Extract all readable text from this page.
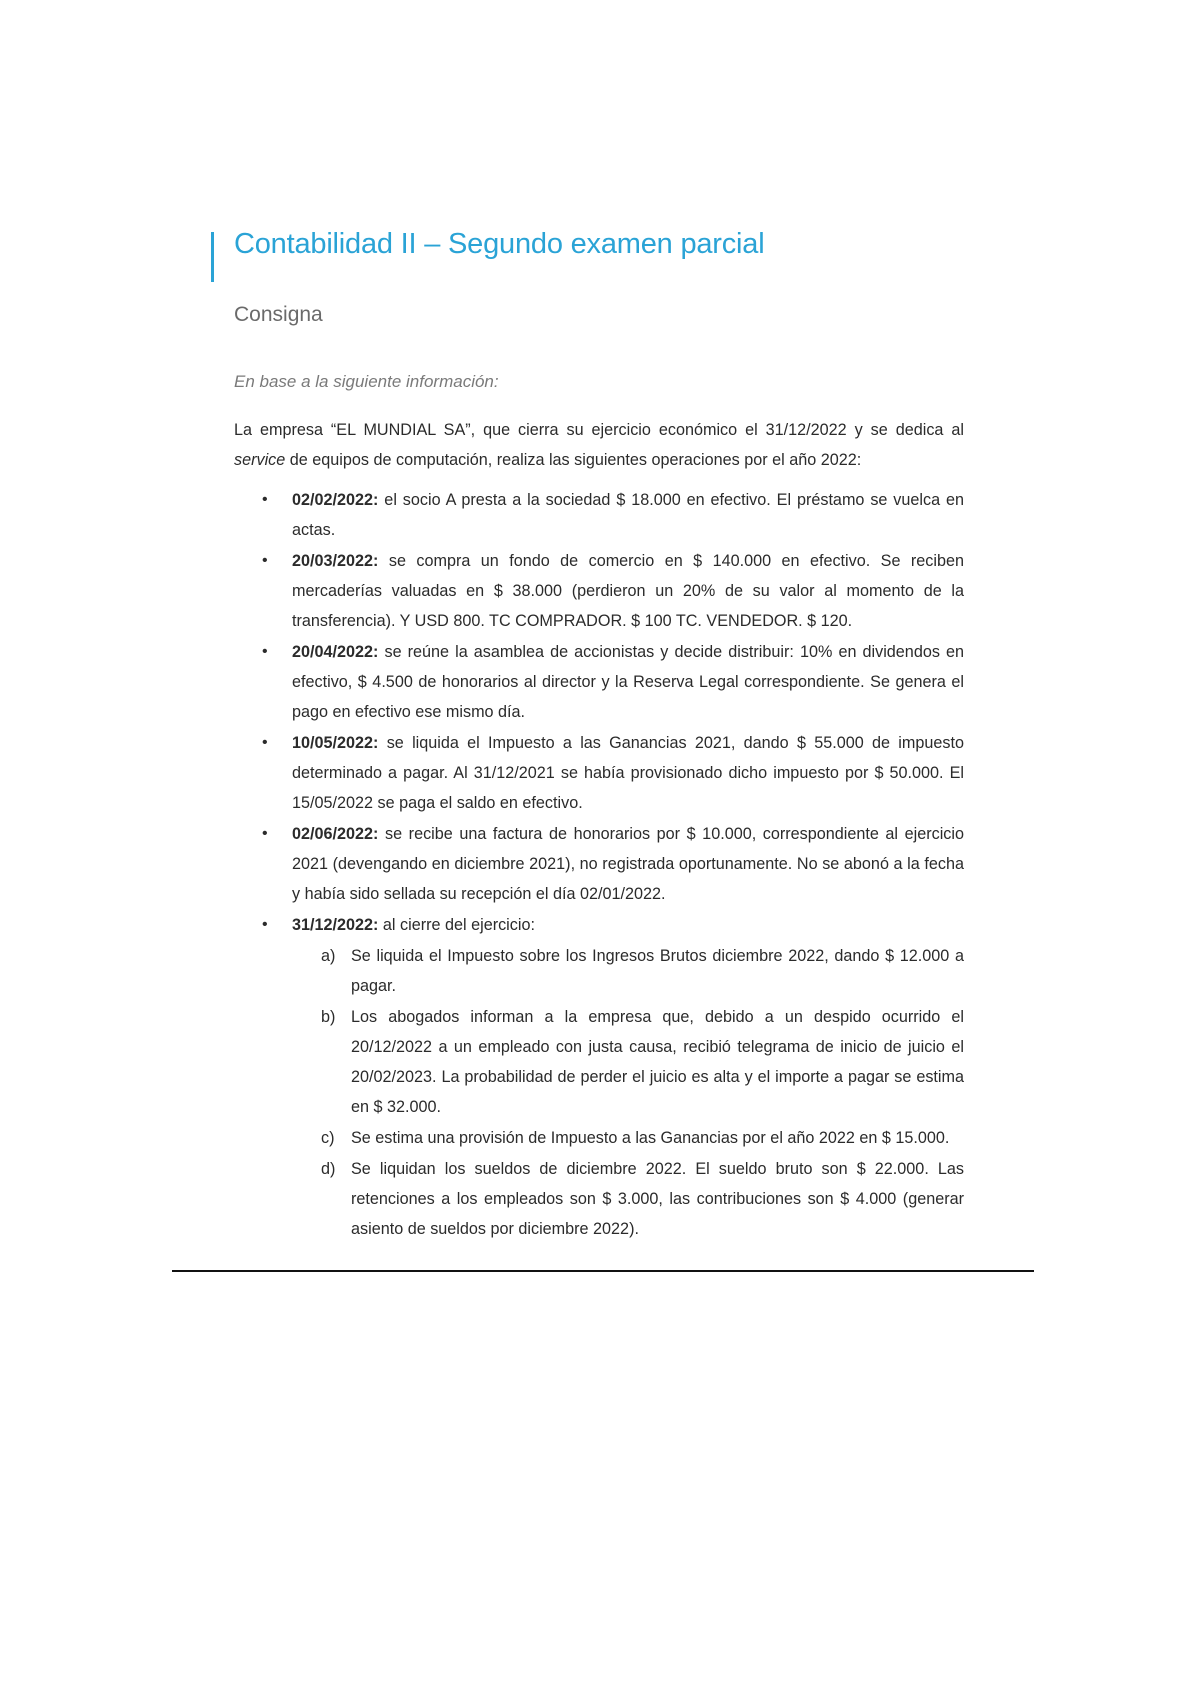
Contabilidad II – Segundo examen parcial
Consigna
En base a la siguiente información:

La empresa “EL MUNDIAL SA”, que cierra su ejercicio económico el 31/12/2022 y se dedica al service de equipos de computación, realiza las siguientes operaciones por el año 2022:

• 02/02/2022: el socio A presta a la sociedad $ 18.000 en efectivo. El préstamo se vuelca en actas.
• 20/03/2022: se compra un fondo de comercio en $ 140.000 en efectivo. Se reciben mercaderías valuadas en $ 38.000 (perdieron un 20% de su valor al momento de la transferencia). Y USD 800. TC COMPRADOR. $ 100 TC. VENDEDOR. $ 120.
• 20/04/2022: se reúne la asamblea de accionistas y decide distribuir: 10% en dividendos en efectivo, $ 4.500 de honorarios al director y la Reserva Legal correspondiente. Se genera el pago en efectivo ese mismo día.
• 10/05/2022: se liquida el Impuesto a las Ganancias 2021, dando $ 55.000 de impuesto determinado a pagar. Al 31/12/2021 se había provisionado dicho impuesto por $ 50.000. El 15/05/2022 se paga el saldo en efectivo.
• 02/06/2022: se recibe una factura de honorarios por $ 10.000, correspondiente al ejercicio 2021 (devengando en diciembre 2021), no registrada oportunamente. No se abonó a la fecha y había sido sellada su recepción el día 02/01/2022.
• 31/12/2022: al cierre del ejercicio:
a) Se liquida el Impuesto sobre los Ingresos Brutos diciembre 2022, dando $ 12.000 a pagar.
b) Los abogados informan a la empresa que, debido a un despido ocurrido el 20/12/2022 a un empleado con justa causa, recibió telegrama de inicio de juicio el 20/02/2023. La probabilidad de perder el juicio es alta y el importe a pagar se estima en $ 32.000.
c) Se estima una provisión de Impuesto a las Ganancias por el año 2022 en $ 15.000.
d) Se liquidan los sueldos de diciembre 2022. El sueldo bruto son $ 22.000. Las retenciones a los empleados son $ 3.000, las contribuciones son $ 4.000 (generar asiento de sueldos por diciembre 2022).
